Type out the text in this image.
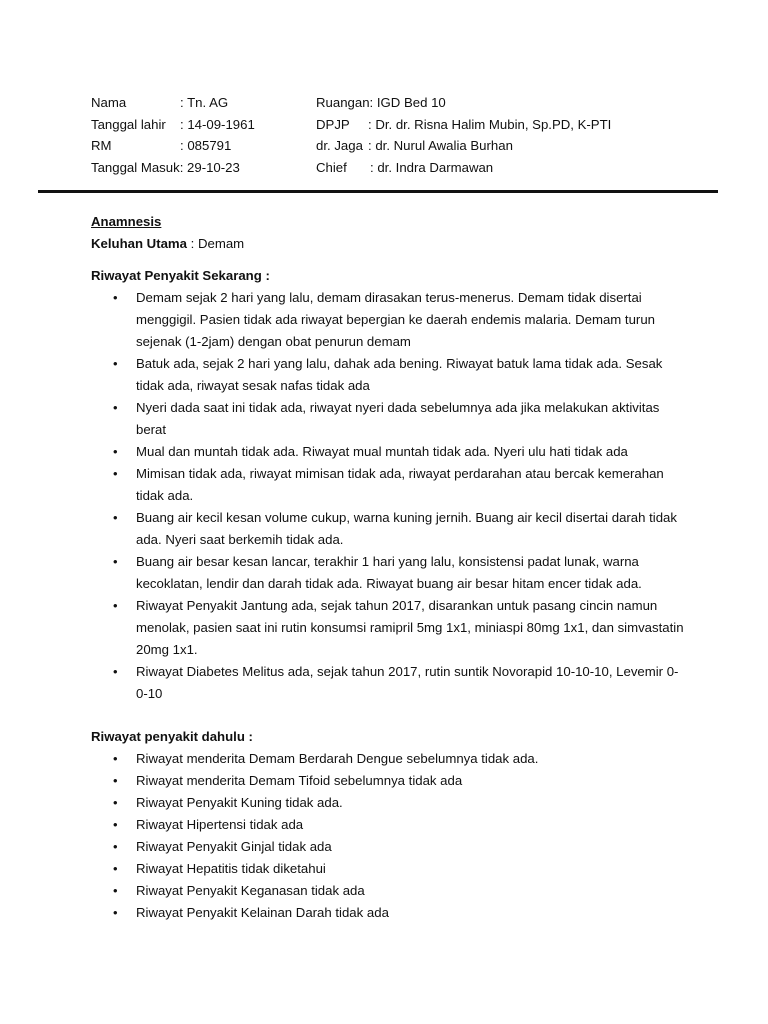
Nama	: Tn. AG	Ruangan: IGD Bed 10
Tanggal lahir : 14-09-1961	DPJP : Dr. dr. Risna Halim Mubin, Sp.PD, K-PTI
RM	: 085791	dr. Jaga : dr. Nurul Awalia Burhan
Tanggal Masuk: 29-10-23	Chief : dr. Indra Darmawan
Anamnesis
Keluhan Utama : Demam
Riwayat Penyakit Sekarang :
• Demam sejak 2 hari yang lalu, demam dirasakan terus-menerus. Demam tidak disertai menggigil. Pasien tidak ada riwayat bepergian ke daerah endemis malaria. Demam turun sejenak (1-2jam) dengan obat penurun demam
• Batuk ada, sejak 2 hari yang lalu, dahak ada bening. Riwayat batuk lama tidak ada. Sesak tidak ada, riwayat sesak nafas tidak ada
• Nyeri dada saat ini tidak ada, riwayat nyeri dada sebelumnya ada jika melakukan aktivitas berat
• Mual dan muntah tidak ada. Riwayat mual muntah tidak ada. Nyeri ulu hati tidak ada
• Mimisan tidak ada, riwayat mimisan tidak ada, riwayat perdarahan atau bercak kemerahan tidak ada.
• Buang air kecil kesan volume cukup, warna kuning jernih. Buang air kecil disertai darah tidak ada. Nyeri saat berkemih tidak ada.
• Buang air besar kesan lancar, terakhir 1 hari yang lalu, konsistensi padat lunak, warna kecoklatan, lendir dan darah tidak ada. Riwayat buang air besar hitam encer tidak ada.
• Riwayat Penyakit Jantung ada, sejak tahun 2017, disarankan untuk pasang cincin namun menolak, pasien saat ini rutin konsumsi ramipril 5mg 1x1, miniaspi 80mg 1x1, dan simvastatin 20mg 1x1.
• Riwayat Diabetes Melitus ada, sejak tahun 2017, rutin suntik Novorapid 10-10-10, Levemir 0-0-10
Riwayat penyakit dahulu :
• Riwayat menderita Demam Berdarah Dengue sebelumnya tidak ada.
• Riwayat menderita Demam Tifoid sebelumnya tidak ada
• Riwayat Penyakit Kuning tidak ada.
• Riwayat Hipertensi tidak ada
• Riwayat Penyakit Ginjal tidak ada
• Riwayat Hepatitis tidak diketahui
• Riwayat Penyakit Keganasan tidak ada
• Riwayat Penyakit Kelainan Darah tidak ada
